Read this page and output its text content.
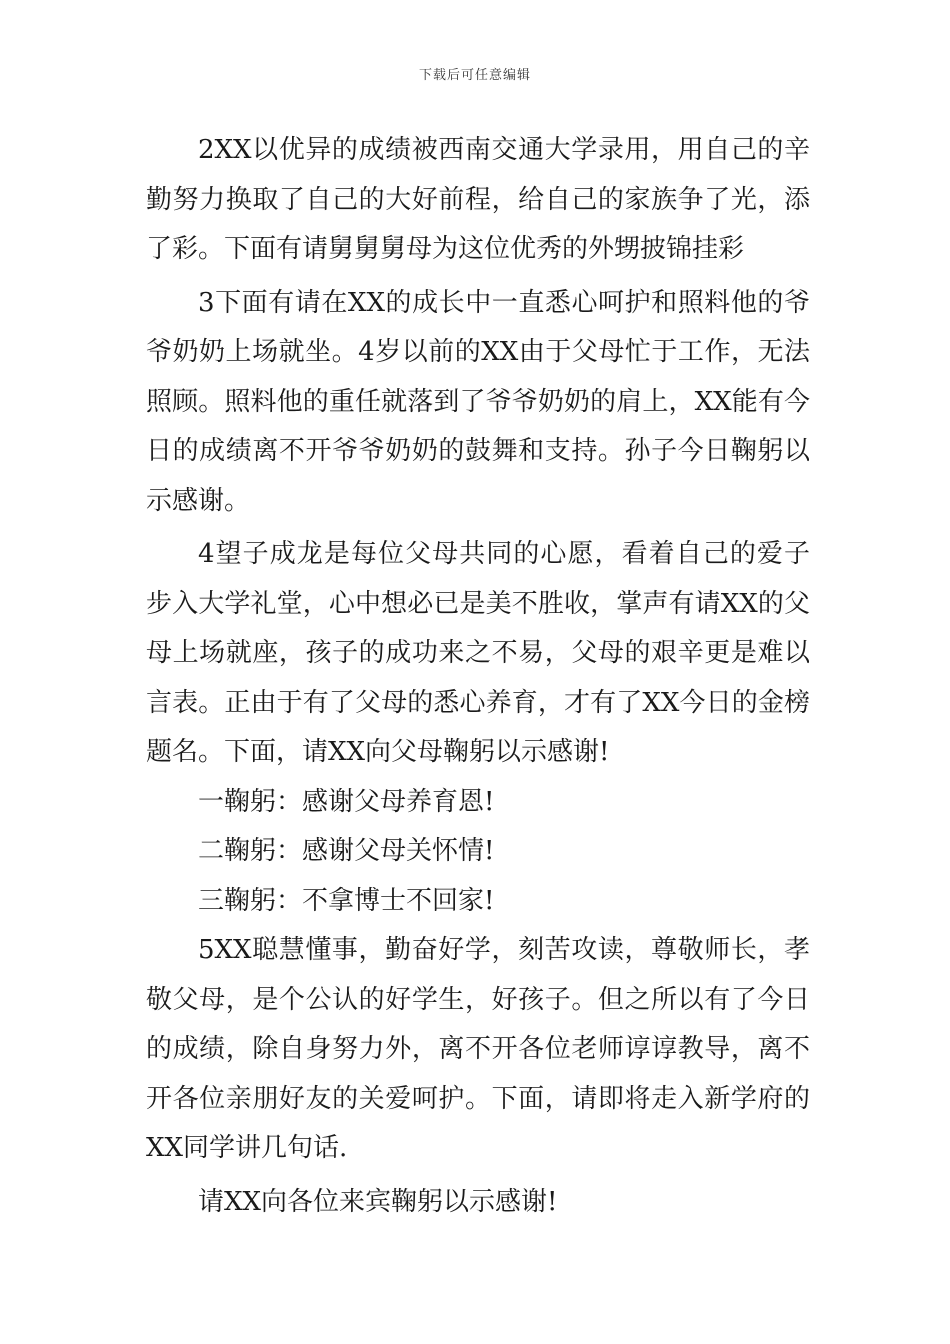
下载后可任意编辑

2XX以优异的成绩被西南交通大学录用，用自己的辛勤努力换取了自己的大好前程，给自己的家族争了光，添了彩。下面有请舅舅舅母为这位优秀的外甥披锦挂彩

3下面有请在XX的成长中一直悉心呵护和照料他的爷爷奶奶上场就坐。4岁以前的XX由于父母忙于工作，无法照顾。照料他的重任就落到了爷爷奶奶的肩上，XX能有今日的成绩离不开爷爷奶奶的鼓舞和支持。孙子今日鞠躬以示感谢。

4望子成龙是每位父母共同的心愿，看着自己的爱子步入大学礼堂，心中想必已是美不胜收，掌声有请XX的父母上场就座，孩子的成功来之不易，父母的艰辛更是难以言表。正由于有了父母的悉心养育，才有了XX今日的金榜题名。下面，请XX向父母鞠躬以示感谢!

一鞠躬：感谢父母养育恩!

二鞠躬：感谢父母关怀情!

三鞠躬：不拿博士不回家!

5XX聪慧懂事，勤奋好学，刻苦攻读，尊敬师长，孝敬父母，是个公认的好学生，好孩子。但之所以有了今日的成绩，除自身努力外，离不开各位老师谆谆教导，离不开各位亲朋好友的关爱呵护。下面，请即将走入新学府的XX同学讲几句话.

请XX向各位来宾鞠躬以示感谢!
